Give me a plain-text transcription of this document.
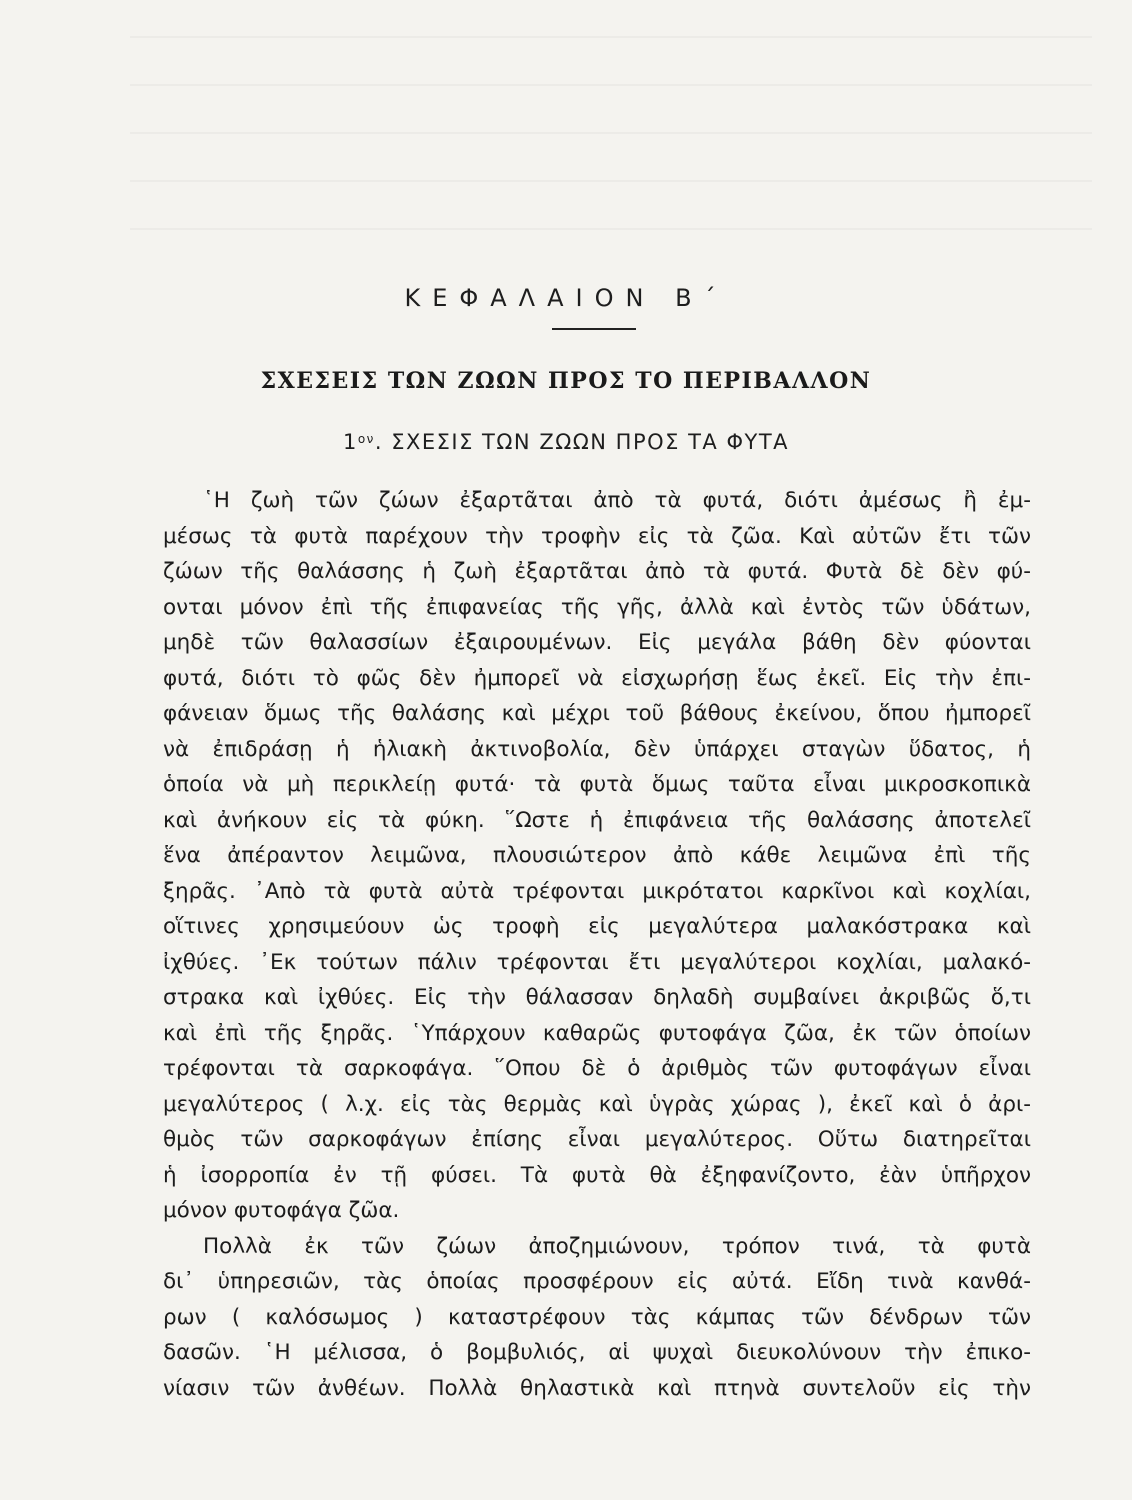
ΚΕΦΑΛΑΙΟΝ Β΄
ΣΧΕΣΕΙΣ ΤΩΝ ΖΩΩΝ ΠΡΟΣ ΤΟ ΠΕΡΙΒΑΛΛΟΝ
$1^{o\nu}$. ΣΧΕΣΙΣ ΤΩΝ ΖΩΩΝ ΠΡΟΣ ΤΑ ΦΥΤΑ
῾Η ζωὴ τῶν ζώων ἐξαρτᾶται ἀπὸ τὰ φυτά, διότι ἀμέσως ἢ ἐμ-
μέσως τὰ φυτὰ παρέχουν τὴν τροφὴν εἰς τὰ ζῶα. Καὶ αὐτῶν ἔτι τῶν
ζώων τῆς θαλάσσης ἡ ζωὴ ἐξαρτᾶται ἀπὸ τὰ φυτά. Φυτὰ δὲ δὲν φύ-
ονται μόνον ἐπὶ τῆς ἐπιφανείας τῆς γῆς, ἀλλὰ καὶ ἐντὸς τῶν ὑδάτων,
μηδὲ τῶν θαλασσίων ἐξαιρουμένων. Εἰς μεγάλα βάθη δὲν φύονται
φυτά, διότι τὸ φῶς δὲν ἠμπορεῖ νὰ εἰσχωρήσῃ ἕως ἐκεῖ. Εἰς τὴν ἐπι-
φάνειαν ὅμως τῆς θαλάσης καὶ μέχρι τοῦ βάθους ἐκείνου, ὅπου ἠμπορεῖ
νὰ ἐπιδράσῃ ἡ ἡλιακὴ ἀκτινοβολία, δὲν ὑπάρχει σταγὼν ὕδατος, ἡ
ὁποία νὰ μὴ περικλείῃ φυτά· τὰ φυτὰ ὅμως ταῦτα εἶναι μικροσκοπικὰ
καὶ ἀνήκουν εἰς τὰ φύκη. ῞Ωστε ἡ ἐπιφάνεια τῆς θαλάσσης ἀποτελεῖ
ἕνα ἀπέραντον λειμῶνα, πλουσιώτερον ἀπὸ κάθε λειμῶνα ἐπὶ τῆς
ξηρᾶς. ᾿Απὸ τὰ φυτὰ αὐτὰ τρέφονται μικρότατοι καρκῖνοι καὶ κοχλίαι,
οἵτινες χρησιμεύουν ὡς τροφὴ εἰς μεγαλύτερα μαλακόστρακα καὶ
ἰχθύες. ᾿Εκ τούτων πάλιν τρέφονται ἔτι μεγαλύτεροι κοχλίαι, μαλακό-
στρακα καὶ ἰχθύες. Εἰς τὴν θάλασσαν δηλαδὴ συμβαίνει ἀκριβῶς ὅ,τι
καὶ ἐπὶ τῆς ξηρᾶς. ῾Υπάρχουν καθαρῶς φυτοφάγα ζῶα, ἐκ τῶν ὁποίων
τρέφονται τὰ σαρκοφάγα. ῞Οπου δὲ ὁ ἀριθμὸς τῶν φυτοφάγων εἶναι
μεγαλύτερος ( λ.χ. εἰς τὰς θερμὰς καὶ ὑγρὰς χώρας ), ἐκεῖ καὶ ὁ ἀρι-
θμὸς τῶν σαρκοφάγων ἐπίσης εἶναι μεγαλύτερος. Οὕτω διατηρεῖται
ἡ ἰσορροπία ἐν τῇ φύσει. Τὰ φυτὰ θὰ ἐξηφανίζοντο, ἐὰν ὑπῆρχον
μόνον φυτοφάγα ζῶα.
Πολλὰ ἐκ τῶν ζώων ἀποζημιώνουν, τρόπον τινά, τὰ φυτὰ
δι᾿ ὑπηρεσιῶν, τὰς ὁποίας προσφέρουν εἰς αὐτά. Εἴδη τινὰ κανθά-
ρων ( καλόσωμος ) καταστρέφουν τὰς κάμπας τῶν δένδρων τῶν
δασῶν. ῾Η μέλισσα, ὁ βομβυλιός, αἱ ψυχαὶ διευκολύνουν τὴν ἐπικο-
νίασιν τῶν ἀνθέων. Πολλὰ θηλαστικὰ καὶ πτηνὰ συντελοῦν εἰς τὴν
